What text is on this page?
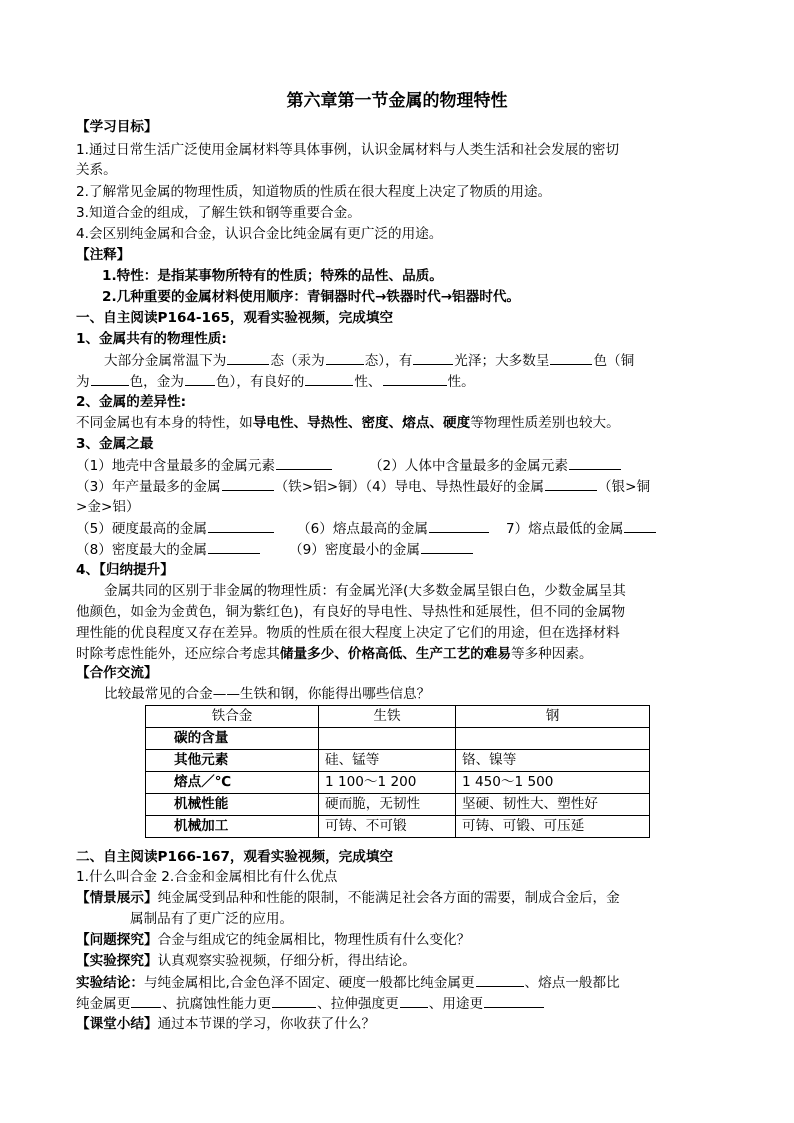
第六章第一节金属的物理特性
【学习目标】
1.通过日常生活广泛使用金属材料等具体事例，认识金属材料与人类生活和社会发展的密切
关系。
2.了解常见金属的物理性质，知道物质的性质在很大程度上决定了物质的用途。
3.知道合金的组成，了解生铁和钢等重要合金。
4.会区别纯金属和合金，认识合金比纯金属有更广泛的用途。
【注释】
1.特性：是指某事物所特有的性质；特殊的品性、品质。
2.几种重要的金属材料使用顺序：青铜器时代→铁器时代→铝器时代。
一、自主阅读P164-165，观看实验视频，完成填空
1、金属共有的物理性质:
大部分金属常温下为	态（汞为	态），有	光泽；大多数呈	色（铜
为	色，金为 色），有良好的	性、	性。
2、金属的差异性:
不同金属也有本身的特性，如导电性、导热性、密度、熔点、硬度等物理性质差别也较大。
3、金属之最
（1）地壳中含量最多的金属元素	（2）人体中含量最多的金属元素
（3）年产量最多的金属	（铁>铝>铜）（4）导电、导热性最好的金属	（银>铜
>金>铝）
（5）硬度最高的金属	（6）熔点最高的金属	7）熔点最低的金属
（8）密度最大的金属	（9）密度最小的金属
4、【归纳提升】
金属共同的区别于非金属的物理性质：有金属光泽(大多数金属呈银白色，少数金属呈其
他颜色，如金为金黄色，铜为紫红色)，有良好的导电性、导热性和延展性，但不同的金属物
理性能的优良程度又存在差异。物质的性质在很大程度上决定了它们的用途，但在选择材料
时除考虑性能外，还应综合考虑其储量多少、价格高低、生产工艺的难易等多种因素。
【合作交流】
比较最常见的合金——生铁和钢，你能得出哪些信息？
铁合金	生铁	钢
碳的含量		
其他元素	硅、锰等	铬、镍等
熔点／℃	1 100～1 200	1 450～1 500
机械性能	硬而脆，无韧性	坚硬、韧性大、塑性好
机械加工	可铸、不可锻	可铸、可锻、可压延
二、自主阅读P166-167，观看实验视频，完成填空
1.什么叫合金 2.合金和金属相比有什么优点
【情景展示】纯金属受到品种和性能的限制，不能满足社会各方面的需要，制成合金后，金
属制品有了更广泛的应用。
【问题探究】合金与组成它的纯金属相比，物理性质有什么变化？
【实验探究】认真观察实验视频，仔细分析，得出结论。
实验结论：与纯金属相比,合金色泽不固定、硬度一般都比纯金属更	、熔点一般都比
纯金属更 、抗腐蚀性能力更	、拉伸强度更 、用途更
【课堂小结】通过本节课的学习，你收获了什么？
